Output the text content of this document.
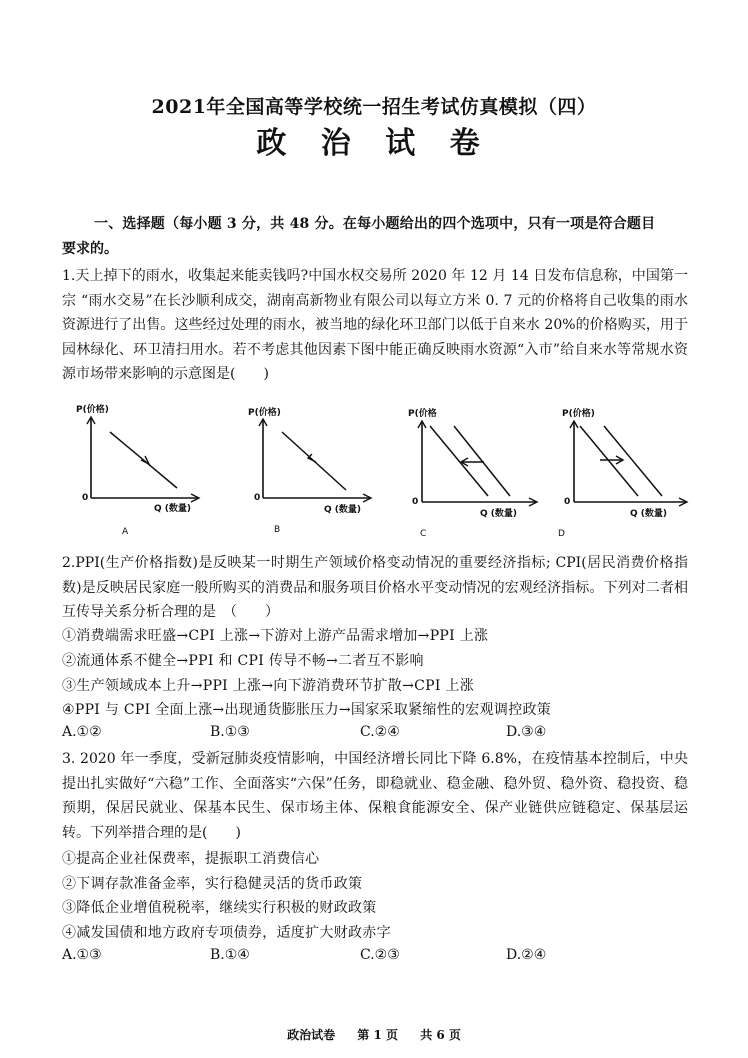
2021年全国高等学校统一招生考试仿真模拟（四）
政 治 试 卷
一、选择题（每小题 3 分，共 48 分。在每小题给出的四个选项中，只有一项是符合题目
要求的。
1.天上掉下的雨水，收集起来能卖钱吗?中国水权交易所 2020 年 12 月 14 日发布信息称，中国第一宗 “雨水交易”在长沙顺利成交，湖南高新物业有限公司以每立方米 0. 7 元的价格将自己收集的雨水资源进行了出售。这些经过处理的雨水，被当地的绿化环卫部门以低于自来水 20%的价格购买，用于园林绿化、环卫清扫用水。若不考虑其他因素下图中能正确反映雨水资源“入市”给自来水等常规水资源市场带来影响的示意图是(　　)
P(价格)
0
Q (数量)
A
P(价格)
0
Q (数量)
B
P(价格
0
Q (数量)
C
P(价格)
0
Q (数量)
D
2.PPI(生产价格指数)是反映某一时期生产领域价格变动情况的重要经济指标; CPI(居民消费价格指数)是反映居民家庭一般所购买的消费品和服务项目价格水平变动情况的宏观经济指标。下列对二者相互传导关系分析合理的是　（　　）
①消费端需求旺盛→CPI 上涨→下游对上游产品需求增加→PPI 上涨
②流通体系不健全→PPI 和 CPI 传导不畅→二者互不影响
③生产领域成本上升→PPI 上涨→向下游消费环节扩散→CPI 上涨
④PPI 与 CPI 全面上涨→出现通货膨胀压力→国家采取紧缩性的宏观调控政策
A.①②	B.①③	C.②④	D.③④
3. 2020 年一季度，受新冠肺炎疫情影响，中国经济增长同比下降 6.8%，在疫情基本控制后，中央提出扎实做好“六稳”工作、全面落实“六保”任务，即稳就业、稳金融、稳外贸、稳外资、稳投资、稳预期，保居民就业、保基本民生、保市场主体、保粮食能源安全、保产业链供应链稳定、保基层运转。下列举措合理的是(　　)
①提高企业社保费率，提振职工消费信心
②下调存款准备金率，实行稳健灵活的货币政策
③降低企业增值税税率，继续实行积极的财政政策
④减发国债和地方政府专项债券，适度扩大财政赤字
A.①③	B.①④	C.②③	D.②④
政治试卷 第 1 页 共 6 页
